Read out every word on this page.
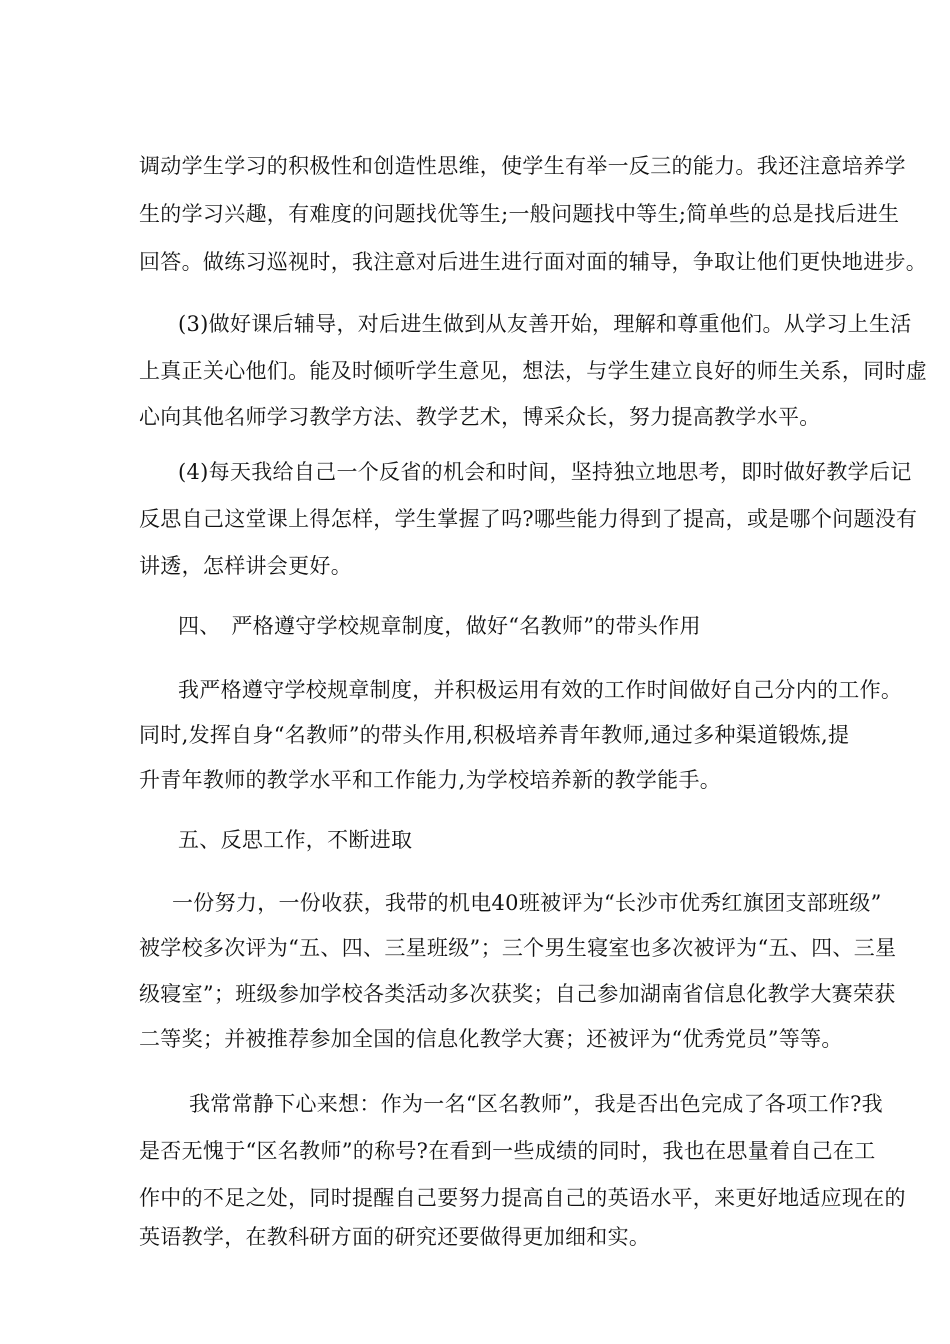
调动学生学习的积极性和创造性思维，使学生有举一反三的能力。我还注意培养学
生的学习兴趣，有难度的问题找优等生;一般问题找中等生;简单些的总是找后进生
回答。做练习巡视时，我注意对后进生进行面对面的辅导，争取让他们更快地进步。
(3)做好课后辅导，对后进生做到从友善开始，理解和尊重他们。从学习上生活
上真正关心他们。能及时倾听学生意见，想法，与学生建立良好的师生关系，同时虚
心向其他名师学习教学方法、教学艺术，博采众长，努力提高教学水平。
(4)每天我给自己一个反省的机会和时间，坚持独立地思考，即时做好教学后记
反思自己这堂课上得怎样，学生掌握了吗?哪些能力得到了提高，或是哪个问题没有
讲透，怎样讲会更好。
四、　严格遵守学校规章制度，做好“名教师”的带头作用
我严格遵守学校规章制度，并积极运用有效的工作时间做好自己分内的工作。
同时,发挥自身“名教师”的带头作用,积极培养青年教师,通过多种渠道锻炼,提
升青年教师的教学水平和工作能力,为学校培养新的教学能手。
五、反思工作，不断进取
一份努力，一份收获，我带的机电40班被评为“长沙市优秀红旗团支部班级”
被学校多次评为“五、四、三星班级”；三个男生寝室也多次被评为“五、四、三星
级寝室”；班级参加学校各类活动多次获奖；自己参加湖南省信息化教学大赛荣获
二等奖；并被推荐参加全国的信息化教学大赛；还被评为“优秀党员”等等。
我常常静下心来想：作为一名“区名教师”，我是否出色完成了各项工作?我
是否无愧于“区名教师”的称号?在看到一些成绩的同时，我也在思量着自己在工
作中的不足之处，同时提醒自己要努力提高自己的英语水平，来更好地适应现在的
英语教学，在教科研方面的研究还要做得更加细和实。
